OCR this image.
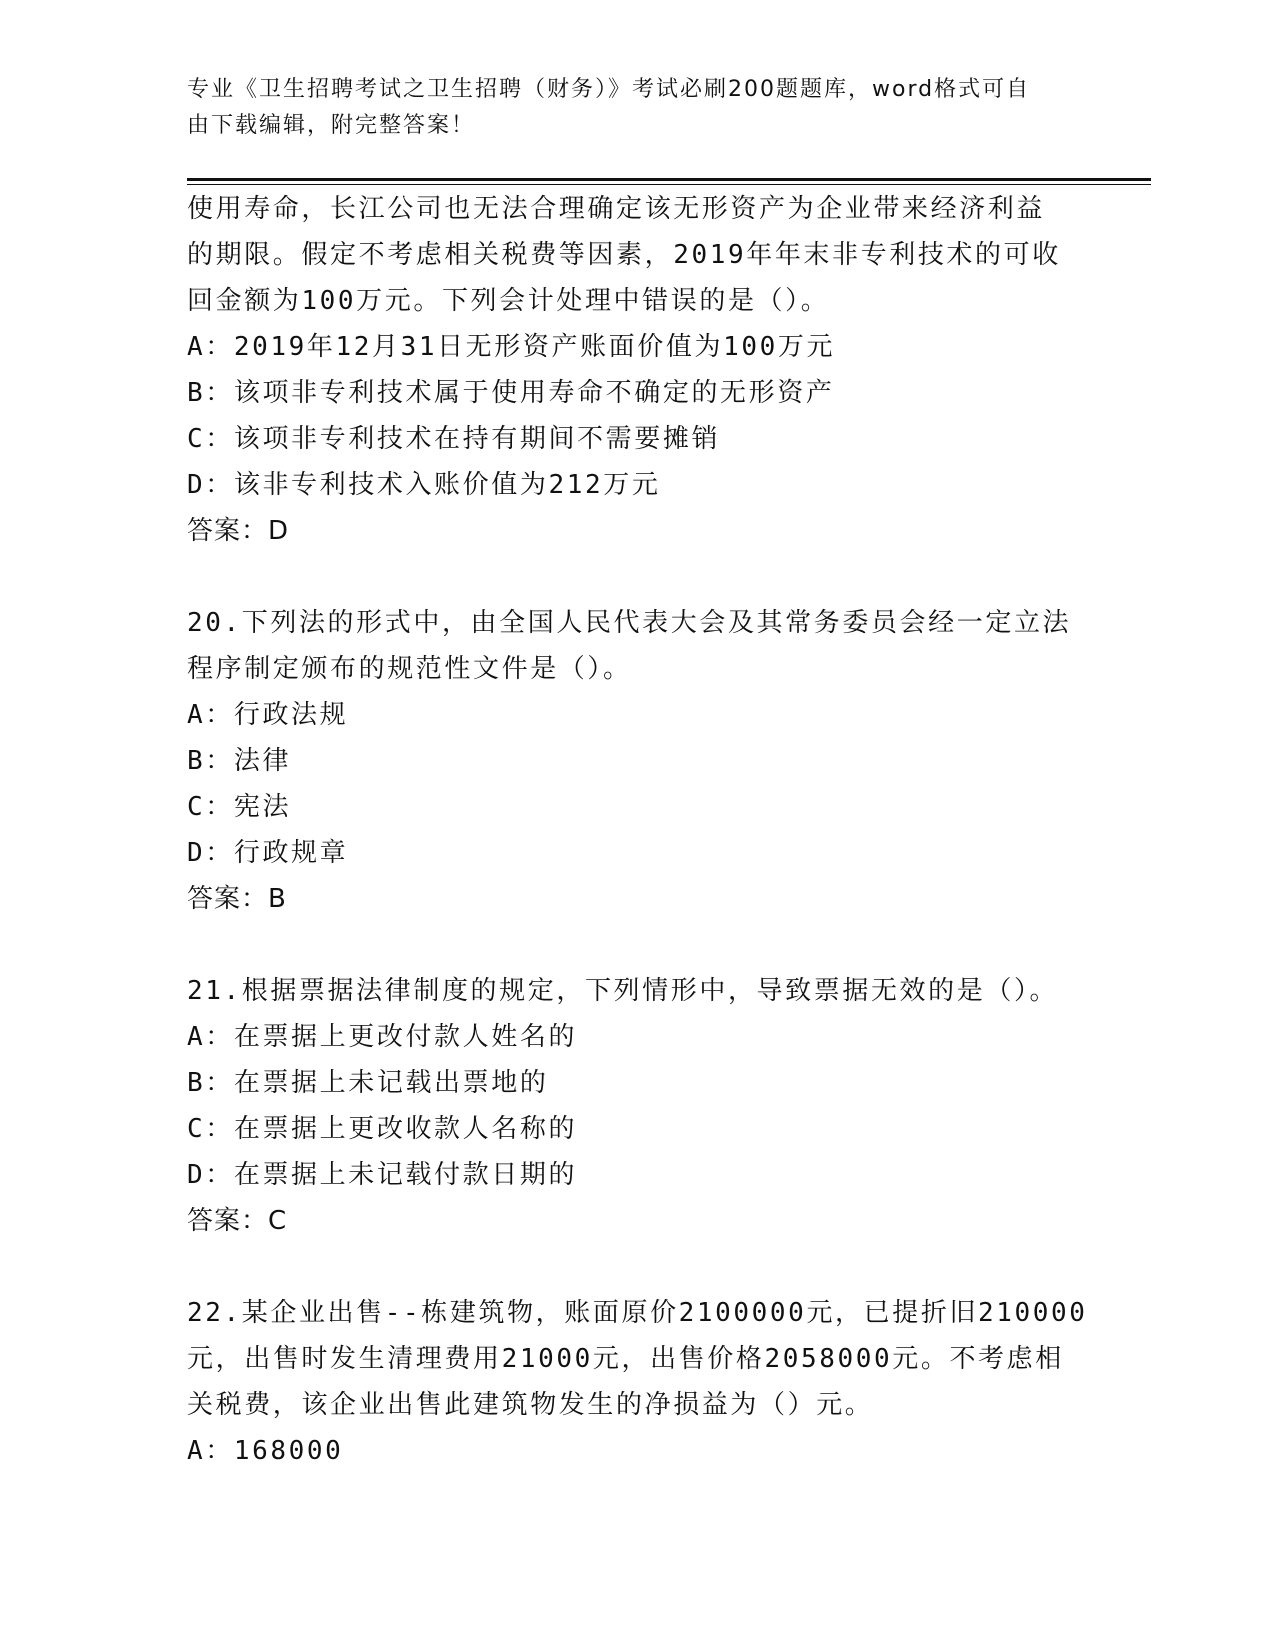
专业《卫生招聘考试之卫生招聘（财务）》考试必刷200题题库，word格式可自
由下载编辑，附完整答案！
使用寿命，长江公司也无法合理确定该无形资产为企业带来经济利益
的期限。假定不考虑相关税费等因素，2019年年末非专利技术的可收
回金额为100万元。下列会计处理中错误的是（）。
A：2019年12月31日无形资产账面价值为100万元
B：该项非专利技术属于使用寿命不确定的无形资产
C：该项非专利技术在持有期间不需要摊销
D：该非专利技术入账价值为212万元
答案：D
20.下列法的形式中，由全国人民代表大会及其常务委员会经一定立法
程序制定颁布的规范性文件是（）。
A：行政法规
B：法律
C：宪法
D：行政规章
答案：B
21.根据票据法律制度的规定，下列情形中，导致票据无效的是（）。
A：在票据上更改付款人姓名的
B：在票据上未记载出票地的
C：在票据上更改收款人名称的
D：在票据上未记载付款日期的
答案：C
22.某企业出售--栋建筑物，账面原价2100000元，已提折旧210000
元，出售时发生清理费用21000元，出售价格2058000元。不考虑相
关税费，该企业出售此建筑物发生的净损益为（）元。
A：168000
